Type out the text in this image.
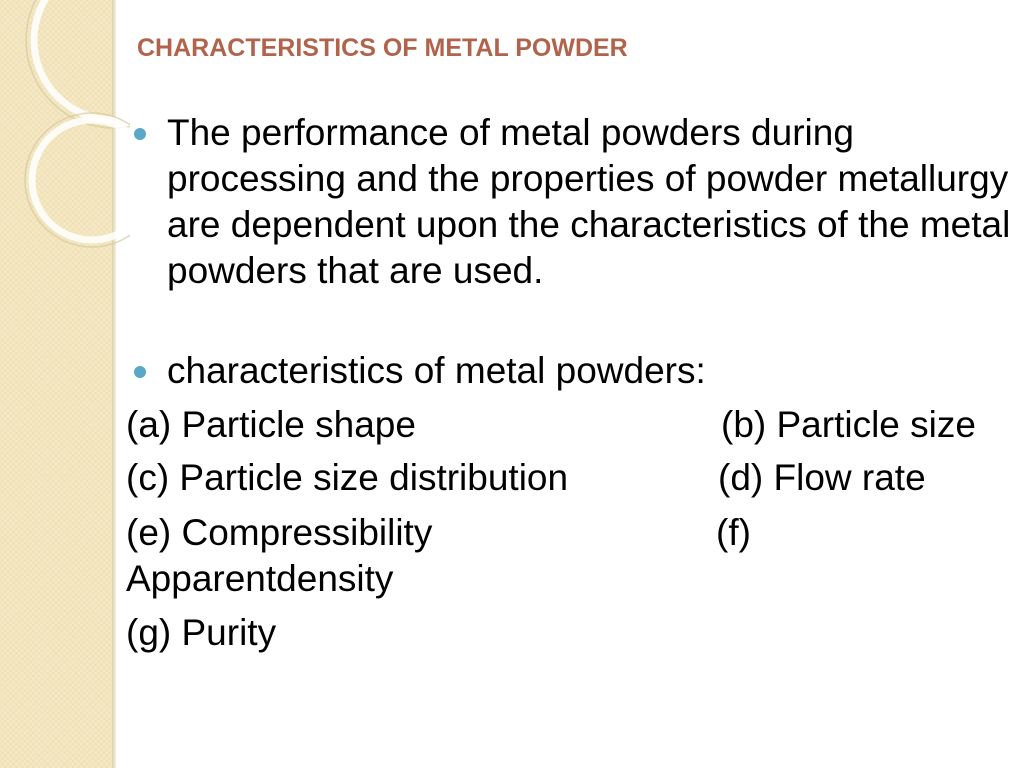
CHARACTERISTICS OF METAL POWDER
The performance of metal powders during processing and the properties of powder metallurgy are dependent upon the characteristics of the metal powders that are used.
characteristics of metal powders:
(a) Particle shape	(b) Particle size
(c) Particle size distribution	(d) Flow rate
(e) Compressibility	(f)
Apparentdensity
(g) Purity
